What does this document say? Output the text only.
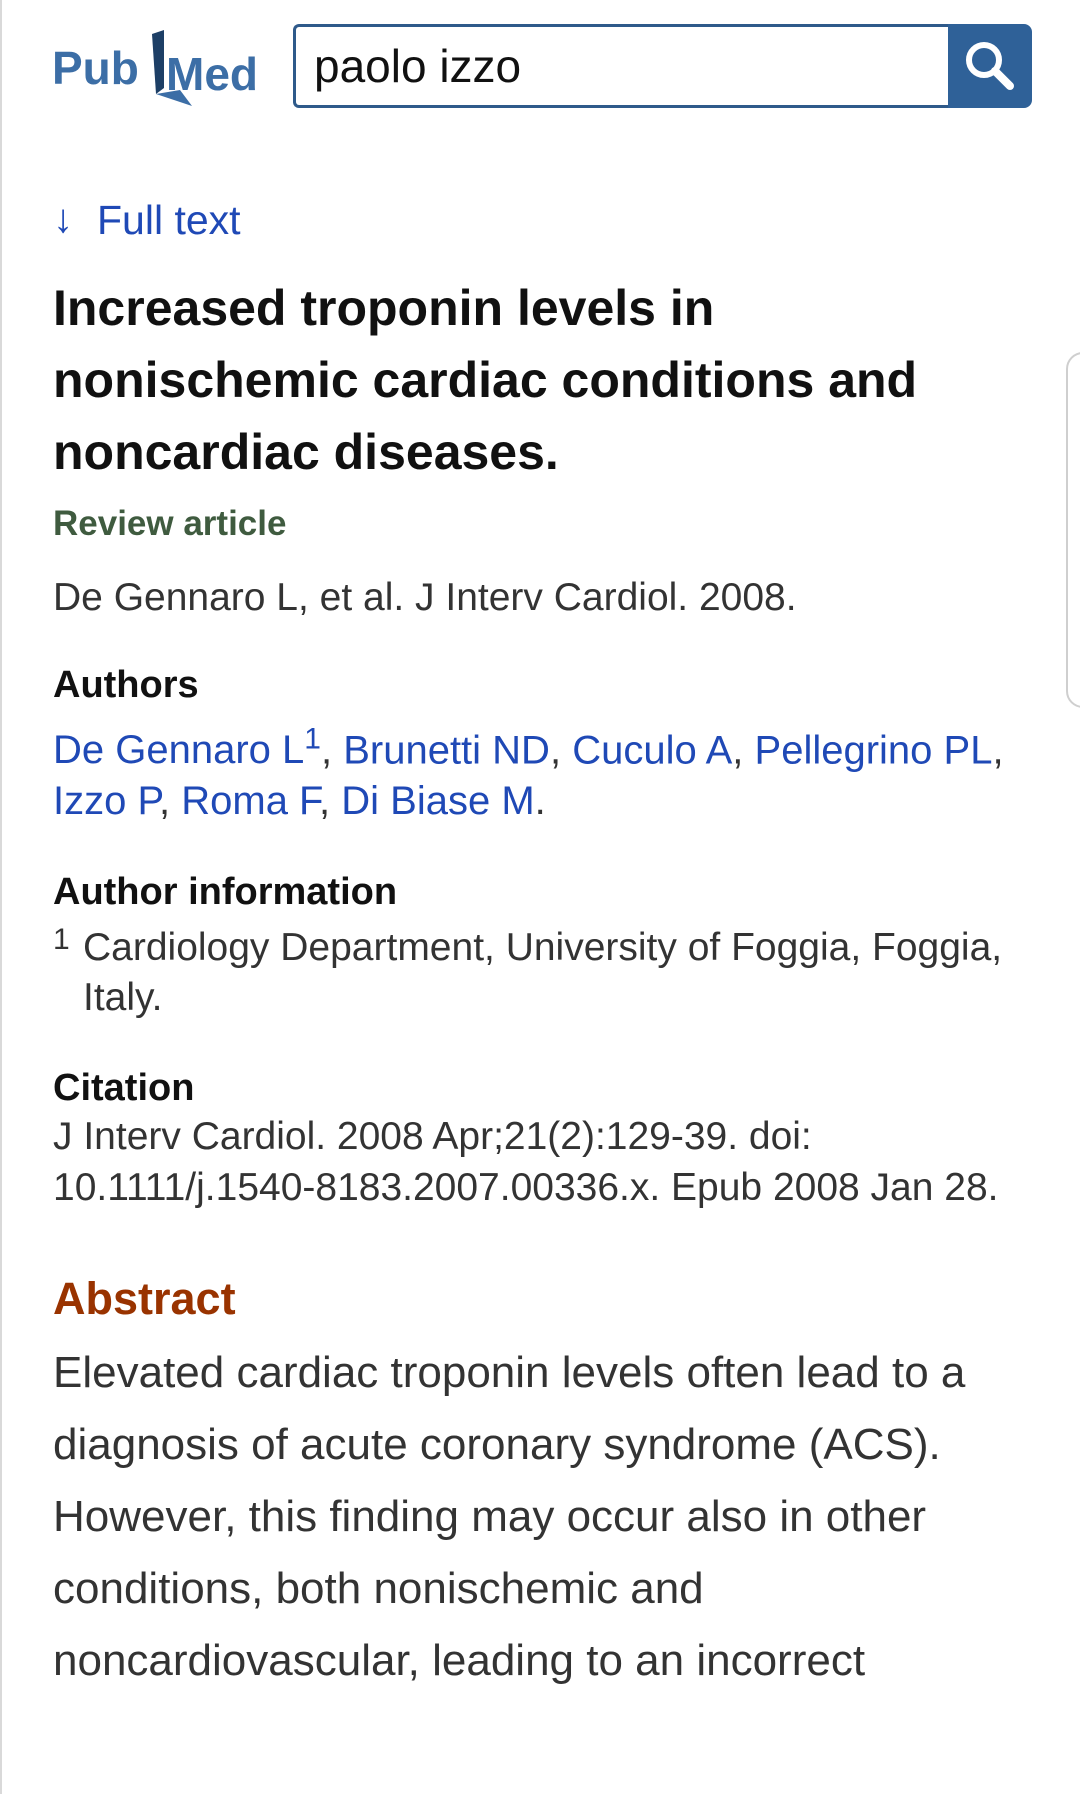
Pub Med
paolo izzo
↓ Full text
Increased troponin levels in nonischemic cardiac conditions and noncardiac diseases.
Review article
De Gennaro L, et al. J Interv Cardiol. 2008.
Authors
De Gennaro $L^1$, Brunetti ND, Cuculo A, Pellegrino PL, Izzo P, Roma F, Di Biase M.
Author information
1 Cardiology Department, University of Foggia, Foggia, Italy.
Citation
J Interv Cardiol. 2008 Apr;21(2):129-39. doi: 10.1111/j.1540-8183.2007.00336.x. Epub 2008 Jan 28.
Abstract
Elevated cardiac troponin levels often lead to a diagnosis of acute coronary syndrome (ACS). However, this finding may occur also in other conditions, both nonischemic and noncardiovascular, leading to an incorrect
